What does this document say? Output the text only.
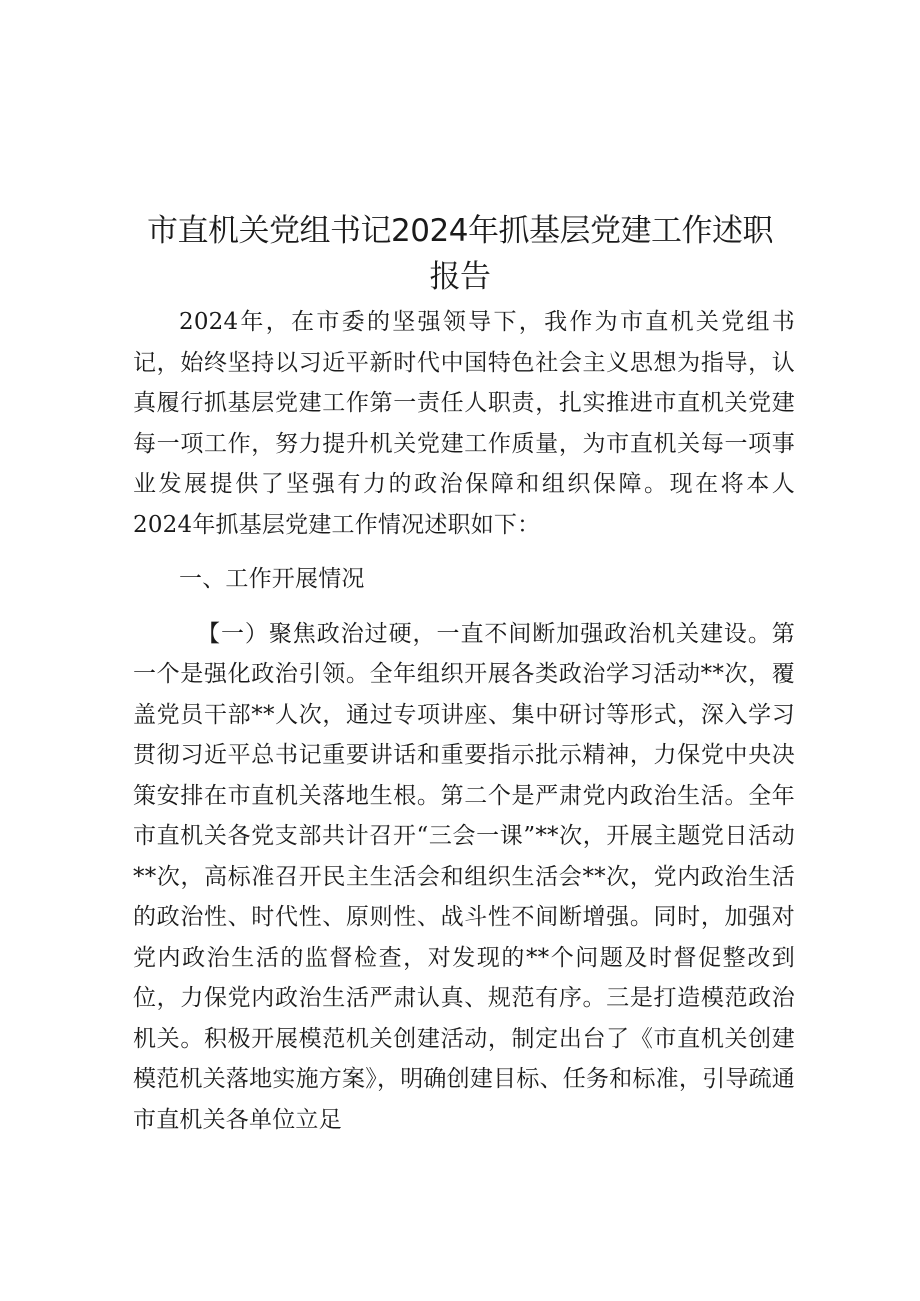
市直机关党组书记2024年抓基层党建工作述职
报告

2024年，在市委的坚强领导下，我作为市直机关党组书记，始终坚持以习近平新时代中国特色社会主义思想为指导，认真履行抓基层党建工作第一责任人职责，扎实推进市直机关党建每一项工作，努力提升机关党建工作质量，为市直机关每一项事业发展提供了坚强有力的政治保障和组织保障。现在将本人2024年抓基层党建工作情况述职如下：

一、工作开展情况

【一）聚焦政治过硬，一直不间断加强政治机关建设。第一个是强化政治引领。全年组织开展各类政治学习活动**次，覆盖党员干部**人次，通过专项讲座、集中研讨等形式，深入学习贯彻习近平总书记重要讲话和重要指示批示精神，力保党中央决策安排在市直机关落地生根。第二个是严肃党内政治生活。全年市直机关各党支部共计召开“三会一课”**次，开展主题党日活动**次，高标准召开民主生活会和组织生活会**次，党内政治生活的政治性、时代性、原则性、战斗性不间断增强。同时，加强对党内政治生活的监督检查，对发现的**个问题及时督促整改到位，力保党内政治生活严肃认真、规范有序。三是打造模范政治机关。积极开展模范机关创建活动，制定出台了《市直机关创建模范机关落地实施方案》，明确创建目标、任务和标准，引导疏通市直机关各单位立足
